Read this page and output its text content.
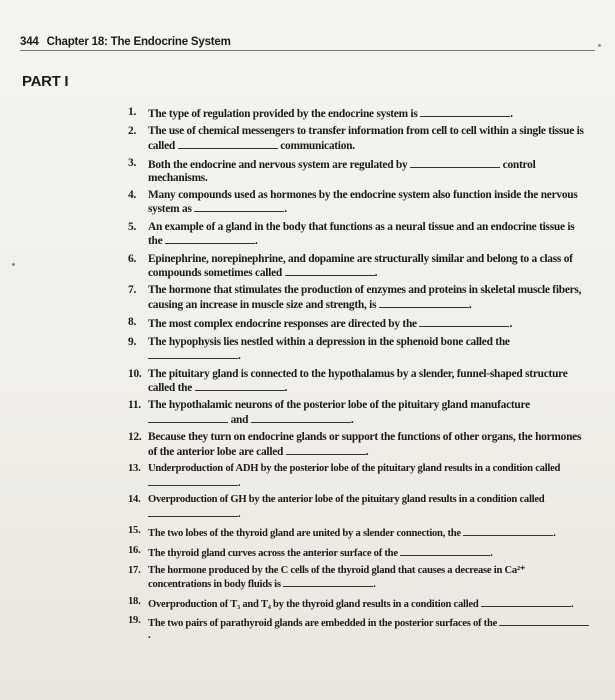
344 Chapter 18: The Endocrine System
PART I
1. The type of regulation provided by the endocrine system is	.
2. The use of chemical messengers to transfer information from cell to cell within a single tissue is called	communication.
3. Both the endocrine and nervous system are regulated by	control mechanisms.
4. Many compounds used as hormones by the endocrine system also function inside the nervous system as	.
5. An example of a gland in the body that functions as a neural tissue and an endocrine tissue is the	.
6. Epinephrine, norepinephrine, and dopamine are structurally similar and belong to a class of compounds sometimes called	.
7. The hormone that stimulates the production of enzymes and proteins in skeletal muscle fibers, causing an increase in muscle size and strength, is	.
8. The most complex endocrine responses are directed by the	.
9. The hypophysis lies nestled within a depression in the sphenoid bone called the .
10. The pituitary gland is connected to the hypothalamus by a slender, funnel-shaped structure called the	.
11. The hypothalamic neurons of the posterior lobe of the pituitary gland manufacture  and	.
12. Because they turn on endocrine glands or support the functions of other organs, the hormones of the anterior lobe are called	.
13. Underproduction of ADH by the posterior lobe of the pituitary gland results in a condition called .
14. Overproduction of GH by the anterior lobe of the pituitary gland results in a condition called .
15. The two lobes of the thyroid gland are united by a slender connection, the	.
16. The thyroid gland curves across the anterior surface of the	.
17. The hormone produced by the C cells of the thyroid gland that causes a decrease in Ca²⁺ concentrations in body fluids is	.
18. Overproduction of T₃ and T₄ by the thyroid gland results in a condition called	.
19. The two pairs of parathyroid glands are embedded in the posterior surfaces of the .
